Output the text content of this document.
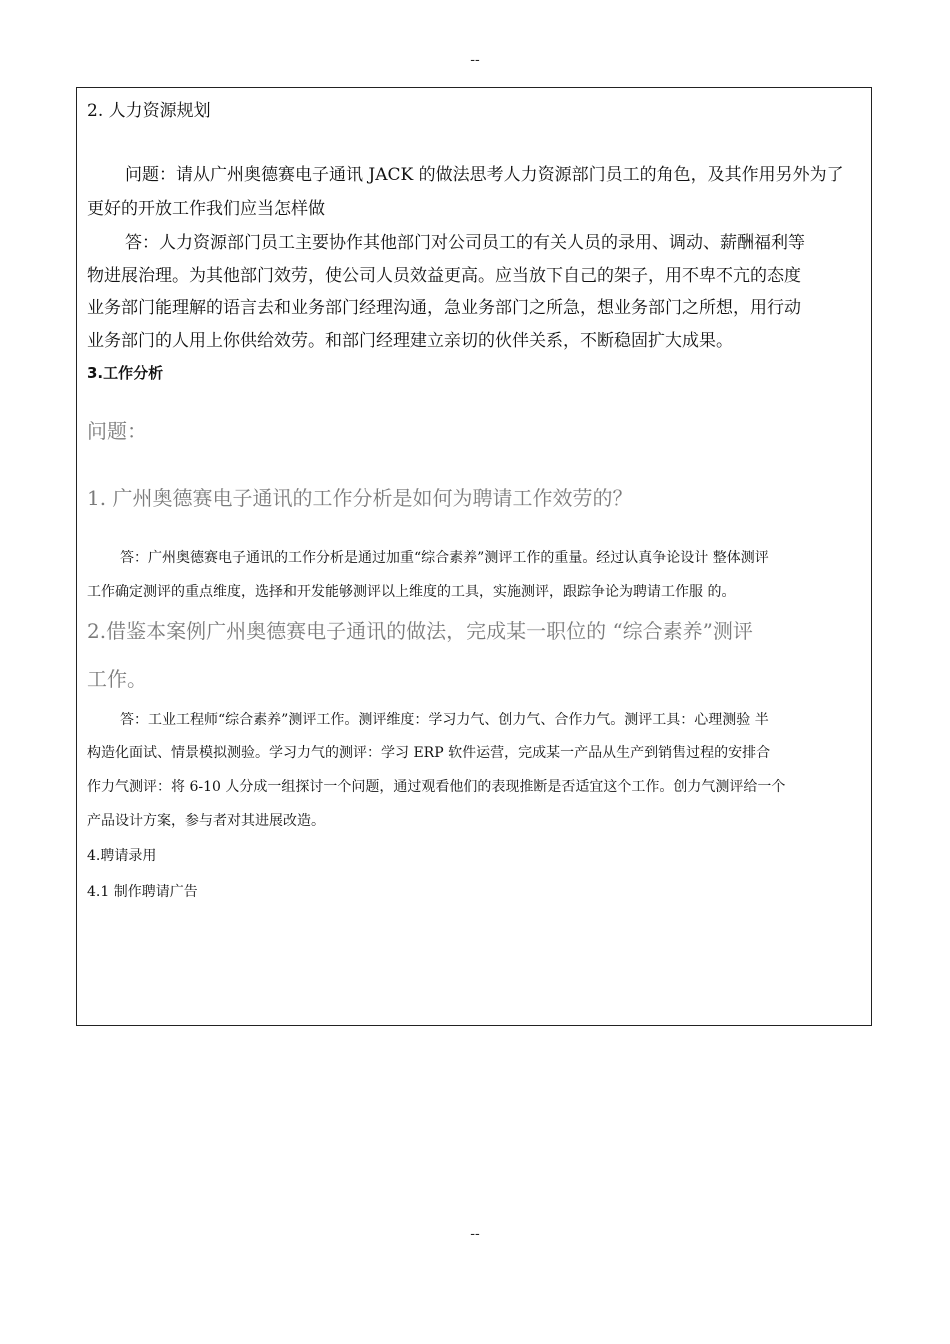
--
2. 人力资源规划
问题：请从广州奥德赛电子通讯 JACK 的做法思考人力资源部门员工的角色，及其作用另外为了
更好的开放工作我们应当怎样做
答：人力资源部门员工主要协作其他部门对公司员工的有关人员的录用、调动、薪酬福利等
物进展治理。为其他部门效劳，使公司人员效益更高。应当放下自己的架子，用不卑不亢的态度
业务部门能理解的语言去和业务部门经理沟通，急业务部门之所急，想业务部门之所想，用行动
业务部门的人用上你供给效劳。和部门经理建立亲切的伙伴关系，不断稳固扩大成果。
3.工作分析
问题：
1. 广州奥德赛电子通讯的工作分析是如何为聘请工作效劳的？
答：广州奥德赛电子通讯的工作分析是通过加重“综合素养”测评工作的重量。经过认真争论设计 整体测评
工作确定测评的重点维度，选择和开发能够测评以上维度的工具，实施测评，跟踪争论为聘请工作服 的。
2.借鉴本案例广州奥德赛电子通讯的做法，完成某一职位的 “综合素养”测评
工作。
答：工业工程师“综合素养”测评工作。测评维度：学习力气、创力气、合作力气。测评工具：心理测验 半
构造化面试、情景模拟测验。学习力气的测评：学习 ERP 软件运营，完成某一产品从生产到销售过程的安排合
作力气测评：将 6-10 人分成一组探讨一个问题，通过观看他们的表现推断是否适宜这个工作。创力气测评给一个
产品设计方案，参与者对其进展改造。
4.聘请录用
4.1 制作聘请广告
--
